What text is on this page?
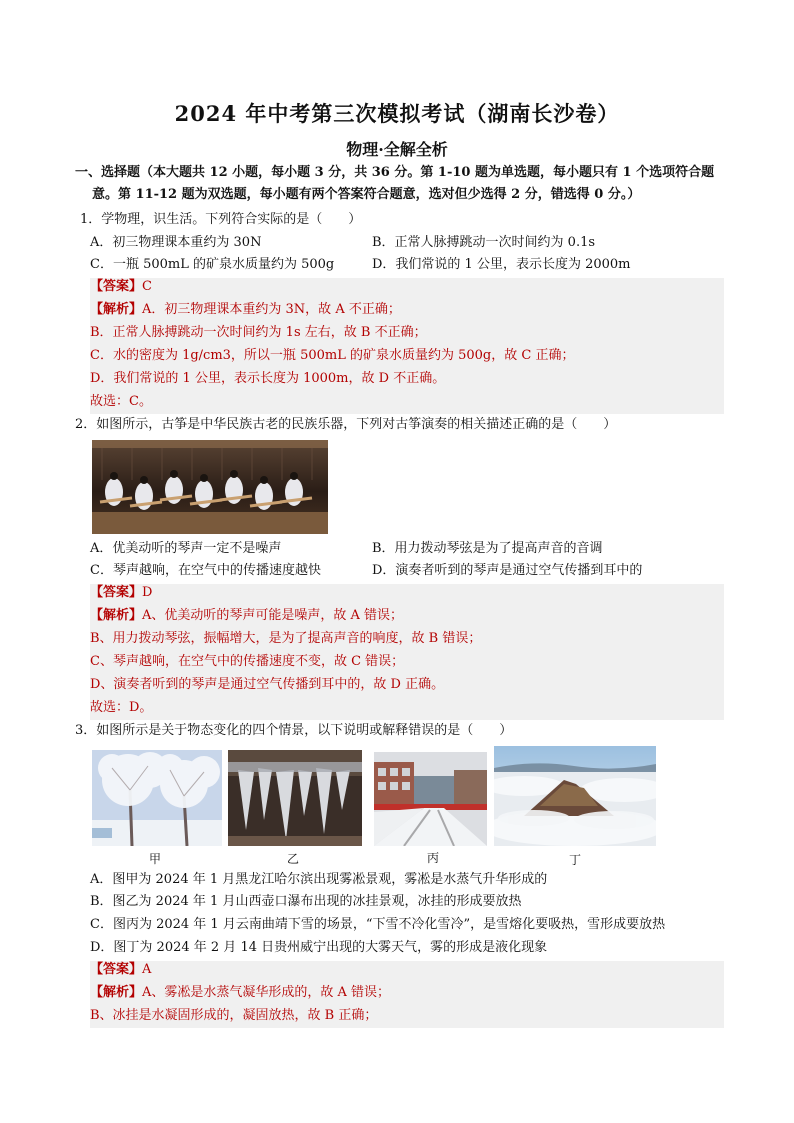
2024 年中考第三次模拟考试（湖南长沙卷）
物理·全解全析
一、选择题（本大题共 12 小题，每小题 3 分，共 36 分。第 1-10 题为单选题，每小题只有 1 个选项符合题
意。第 11-12 题为双选题，每小题有两个答案符合题意，选对但少选得 2 分，错选得 0 分。）
1．学物理，识生活。下列符合实际的是（　　）
A．初三物理课本重约为 30N	B．正常人脉搏跳动一次时间约为 0.1s
C．一瓶 500mL 的矿泉水质量约为 500g	D．我们常说的 1 公里，表示长度为 2000m
【答案】C
【解析】A．初三物理课本重约为 3N，故 A 不正确；
B．正常人脉搏跳动一次时间约为 1s 左右，故 B 不正确；
C．水的密度为 1g/cm3，所以一瓶 500mL 的矿泉水质量约为 500g，故 C 正确；
D．我们常说的 1 公里，表示长度为 1000m，故 D 不正确。
故选：C。
2．如图所示，古筝是中华民族古老的民族乐器，下列对古筝演奏的相关描述正确的是（　　）
A．优美动听的琴声一定不是噪声	B．用力拨动琴弦是为了提高声音的音调
C．琴声越响，在空气中的传播速度越快	D．演奏者听到的琴声是通过空气传播到耳中的
【答案】D
【解析】A、优美动听的琴声可能是噪声，故 A 错误；
B、用力拨动琴弦，振幅增大，是为了提高声音的响度，故 B 错误；
C、琴声越响，在空气中的传播速度不变，故 C 错误；
D、演奏者听到的琴声是通过空气传播到耳中的，故 D 正确。
故选：D。
3．如图所示是关于物态变化的四个情景，以下说明或解释错误的是（　　）
甲	乙	丙	丁
A．图甲为 2024 年 1 月黑龙江哈尔滨出现雾凇景观，雾凇是水蒸气升华形成的
B．图乙为 2024 年 1 月山西壶口瀑布出现的冰挂景观，冰挂的形成要放热
C．图丙为 2024 年 1 月云南曲靖下雪的场景，“下雪不冷化雪冷”，是雪熔化要吸热，雪形成要放热
D．图丁为 2024 年 2 月 14 日贵州威宁出现的大雾天气，雾的形成是液化现象
【答案】A
【解析】A、雾凇是水蒸气凝华形成的，故 A 错误；
B、冰挂是水凝固形成的，凝固放热，故 B 正确；
